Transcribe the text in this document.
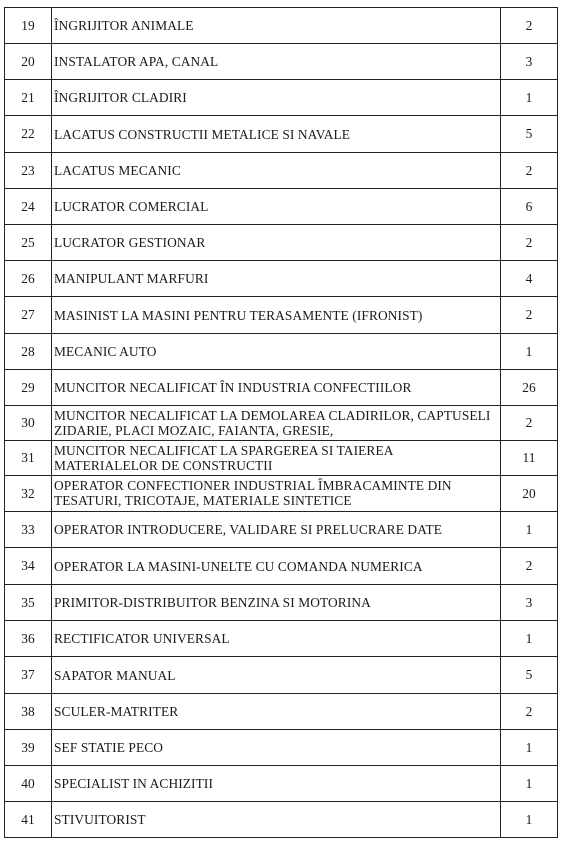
19	ÎNGRIJITOR ANIMALE	2
20	INSTALATOR APA, CANAL	3
21	ÎNGRIJITOR CLADIRI	1
22	LACATUS CONSTRUCTII METALICE SI NAVALE	5
23	LACATUS MECANIC	2
24	LUCRATOR COMERCIAL	6
25	LUCRATOR GESTIONAR	2
26	MANIPULANT MARFURI	4
27	MASINIST LA MASINI PENTRU TERASAMENTE (IFRONIST)	2
28	MECANIC AUTO	1
29	MUNCITOR NECALIFICAT ÎN INDUSTRIA CONFECTIILOR	26
30	MUNCITOR NECALIFICAT LA DEMOLAREA CLADIRILOR, CAPTUSELI ZIDARIE, PLACI MOZAIC, FAIANTA, GRESIE,	2
31	MUNCITOR NECALIFICAT LA SPARGEREA SI TAIEREA MATERIALELOR DE CONSTRUCTII	11
32	OPERATOR CONFECTIONER INDUSTRIAL ÎMBRACAMINTE DIN TESATURI, TRICOTAJE, MATERIALE SINTETICE	20
33	OPERATOR INTRODUCERE, VALIDARE SI PRELUCRARE DATE	1
34	OPERATOR LA MASINI-UNELTE CU COMANDA NUMERICA	2
35	PRIMITOR-DISTRIBUITOR BENZINA SI MOTORINA	3
36	RECTIFICATOR UNIVERSAL	1
37	SAPATOR MANUAL	5
38	SCULER-MATRITER	2
39	SEF STATIE PECO	1
40	SPECIALIST IN ACHIZITII	1
41	STIVUITORIST	1
